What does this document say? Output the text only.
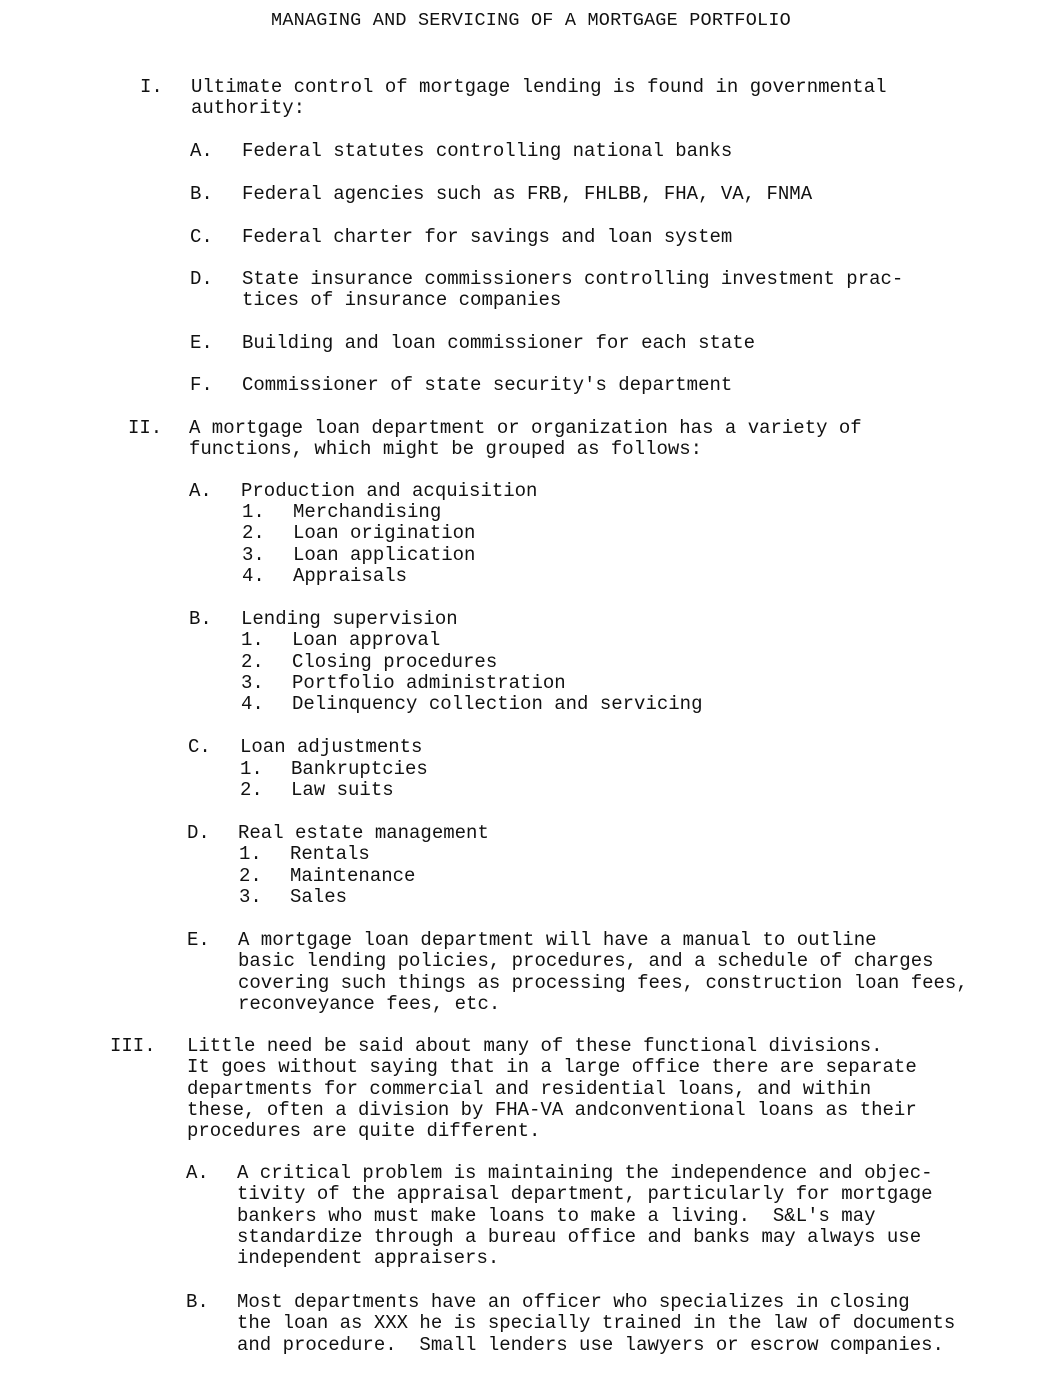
MANAGING AND SERVICING OF A MORTGAGE PORTFOLIO
I. Ultimate control of mortgage lending is found in governmental
authority:
A. Federal statutes controlling national banks
B. Federal agencies such as FRB, FHLBB, FHA, VA, FNMA
C. Federal charter for savings and loan system
D. State insurance commissioners controlling investment prac-
tices of insurance companies
E. Building and loan commissioner for each state
F. Commissioner of state security's department
II. A mortgage loan department or organization has a variety of
functions, which might be grouped as follows:
A. Production and acquisition
1. Merchandising
2. Loan origination
3. Loan application
4. Appraisals
B. Lending supervision
1. Loan approval
2. Closing procedures
3. Portfolio administration
4. Delinquency collection and servicing
C. Loan adjustments
1. Bankruptcies
2. Law suits
D. Real estate management
1. Rentals
2. Maintenance
3. Sales
E. A mortgage loan department will have a manual to outline
basic lending policies, procedures, and a schedule of charges
covering such things as processing fees, construction loan fees,
reconveyance fees, etc.
III. Little need be said about many of these functional divisions.
It goes without saying that in a large office there are separate
departments for commercial and residential loans, and within
these, often a division by FHA-VA andconventional loans as their
procedures are quite different.
A. A critical problem is maintaining the independence and objec-
tivity of the appraisal department, particularly for mortgage
bankers who must make loans to make a living.  S&L's may
standardize through a bureau office and banks may always use
independent appraisers.
B. Most departments have an officer who specializes in closing
the loan as XXX he is specially trained in the law of documents
and procedure.  Small lenders use lawyers or escrow companies.
